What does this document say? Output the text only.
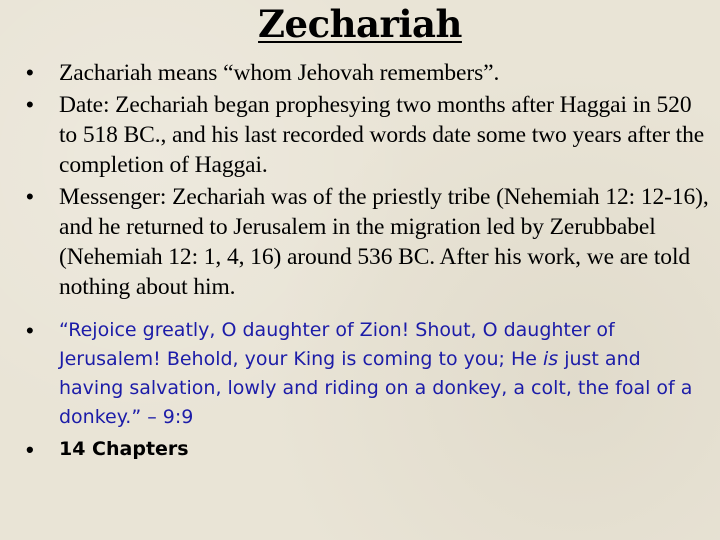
Zechariah
• Zachariah means “whom Jehovah remembers”.
• Date: Zechariah began prophesying two months after Haggai in 520 to 518 BC., and his last recorded words date some two years after the completion of Haggai.
• Messenger: Zechariah was of the priestly tribe (Nehemiah 12: 12-16), and he returned to Jerusalem in the migration led by Zerubbabel (Nehemiah 12: 1, 4, 16) around 536 BC. After his work, we are told nothing about him.
• “Rejoice greatly, O daughter of Zion! Shout, O daughter of Jerusalem! Behold, your King is coming to you; He is just and having salvation, lowly and riding on a donkey, a colt, the foal of a donkey.” – 9:9
• 14 Chapters
